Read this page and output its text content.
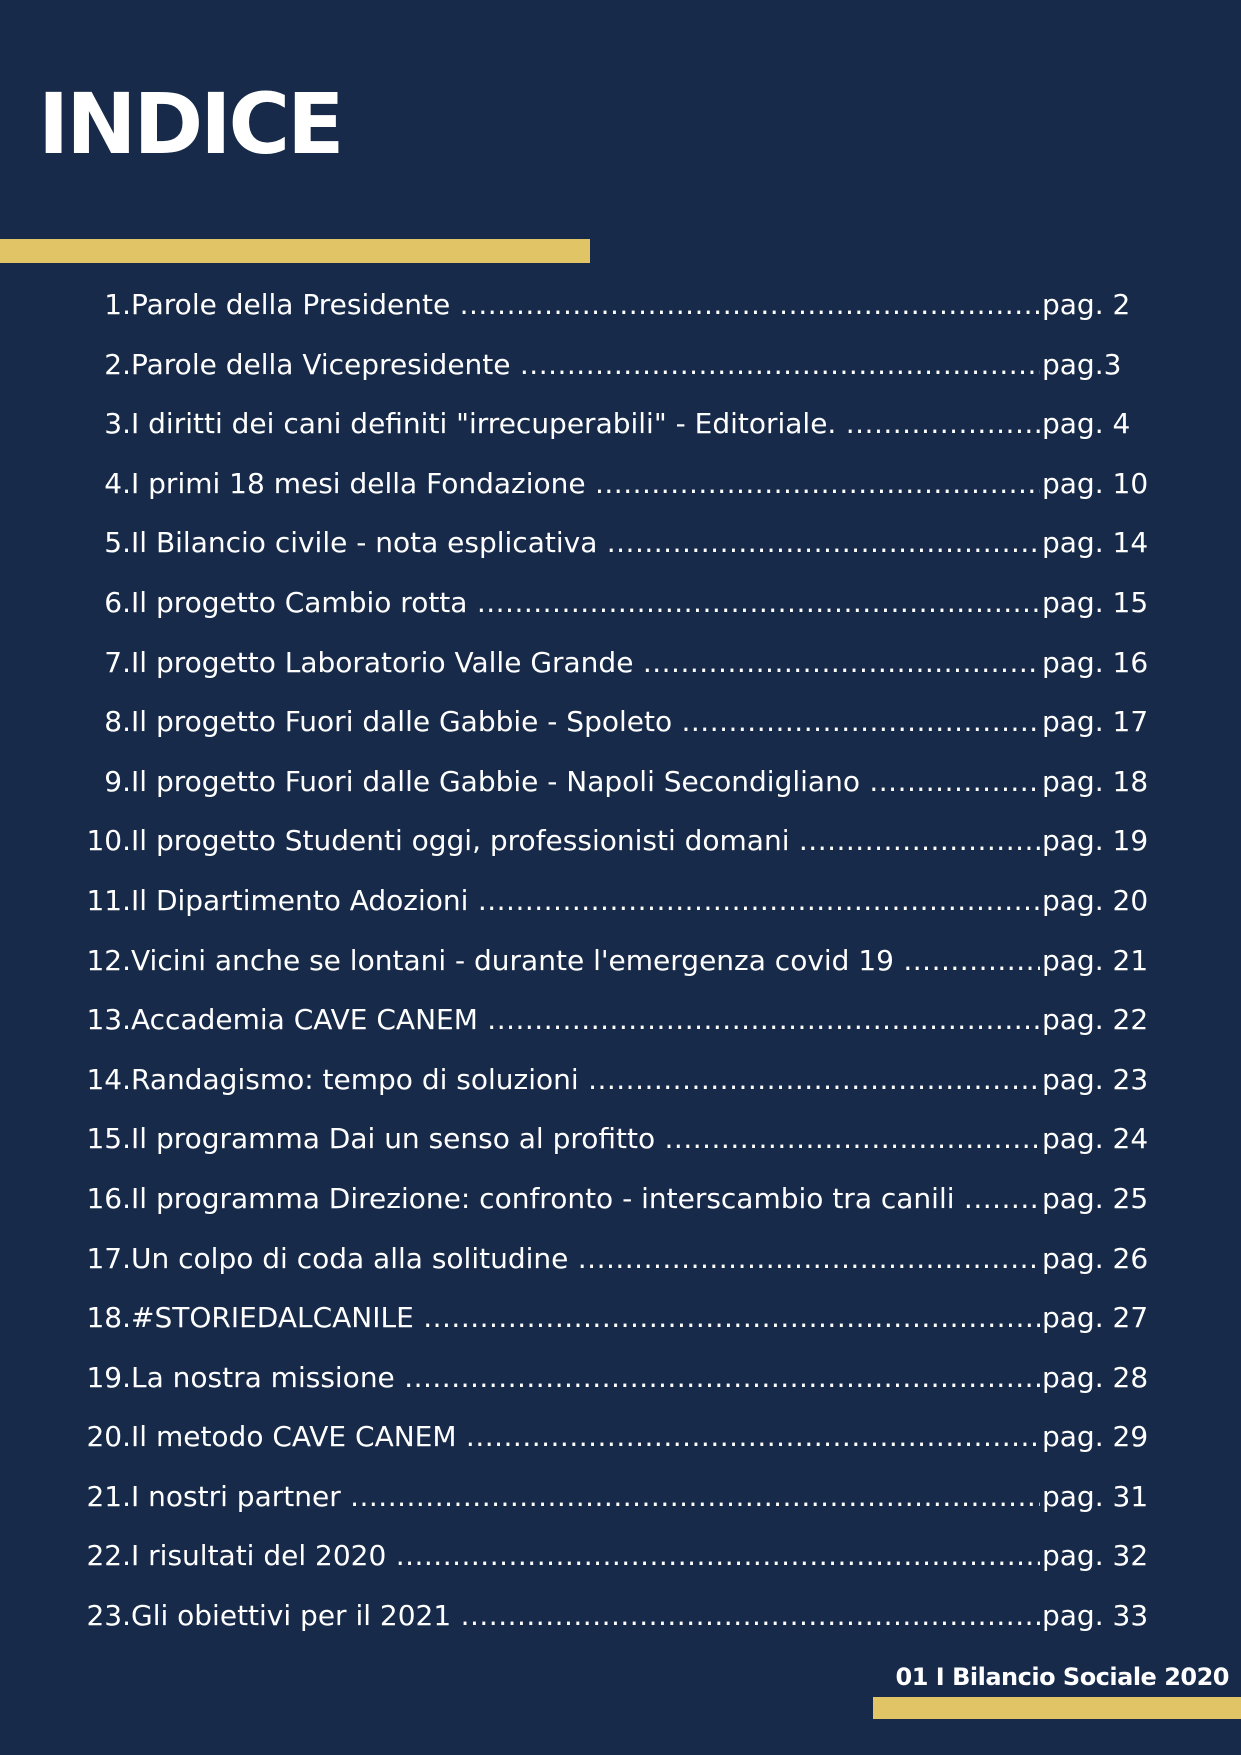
INDICE
1. Parole della Presidente .....	pag. 2
2. Parole della Vicepresidente .....	pag.3
3. I diritti dei cani definiti "irrecuperabili" - Editoriale. .....	pag. 4
4. I primi 18 mesi della Fondazione .....	pag. 10
5. Il Bilancio civile - nota esplicativa .....	pag. 14
6. Il progetto Cambio rotta .....	pag. 15
7. Il progetto Laboratorio Valle Grande .....	pag. 16
8. Il progetto Fuori dalle Gabbie - Spoleto .....	pag. 17
9. Il progetto Fuori dalle Gabbie - Napoli Secondigliano .....	pag. 18
10. Il progetto Studenti oggi, professionisti domani .....	pag. 19
11. Il Dipartimento Adozioni .....	pag. 20
12. Vicini anche se lontani - durante l'emergenza covid 19 .....	pag. 21
13. Accademia CAVE CANEM .....	pag. 22
14. Randagismo: tempo di soluzioni .....	pag. 23
15. Il programma Dai un senso al profitto .....	pag. 24
16. Il programma Direzione: confronto - interscambio tra canili .....	pag. 25
17. Un colpo di coda alla solitudine .....	pag. 26
18. #STORIEDALCANILE .....	pag. 27
19. La nostra missione .....	pag. 28
20. Il metodo CAVE CANEM .....	pag. 29
21. I nostri partner .....	pag. 31
22. I risultati del 2020 .....	pag. 32
23. Gli obiettivi per il 2021 .....	pag. 33
01 I Bilancio Sociale 2020
